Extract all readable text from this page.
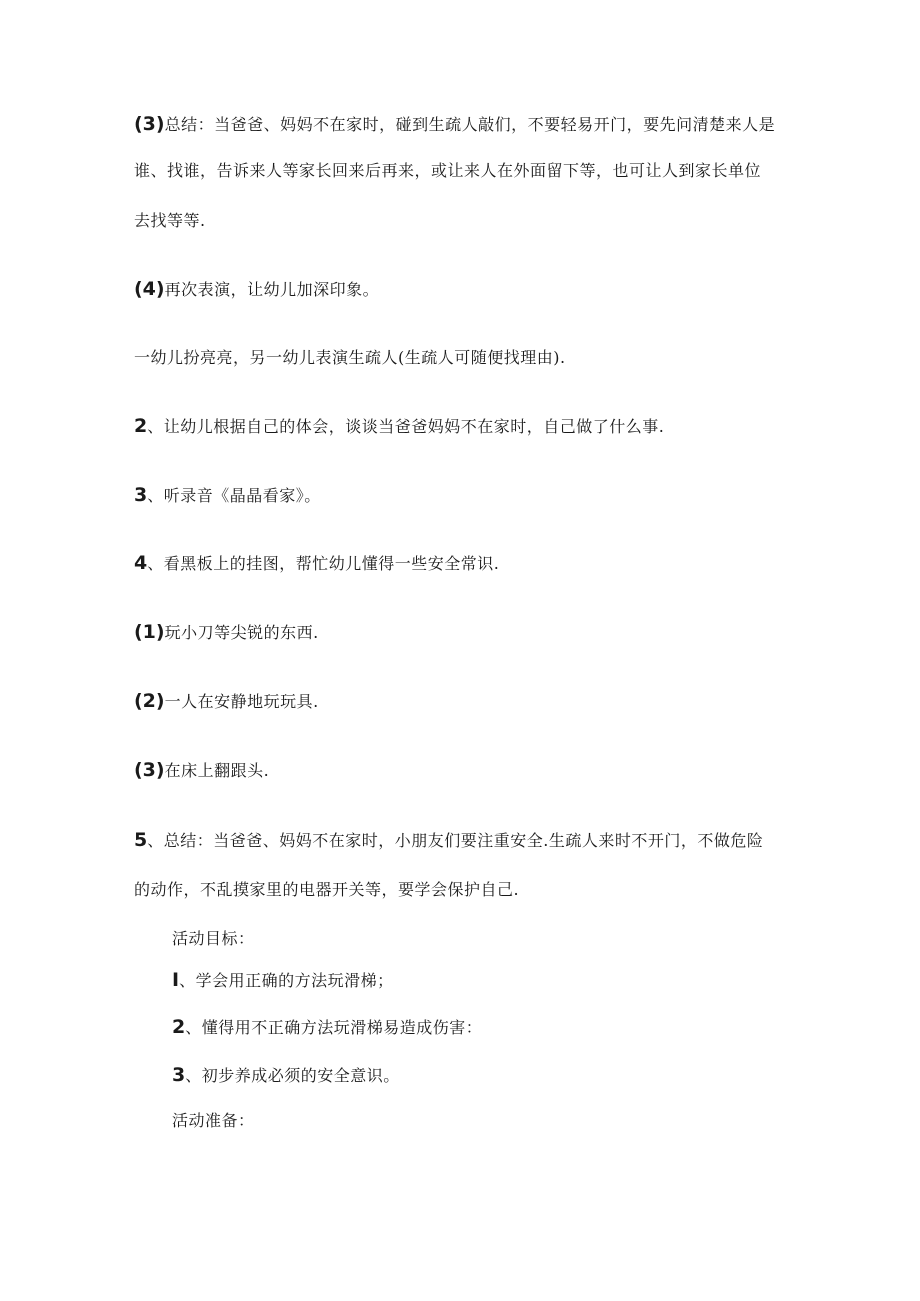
(3)总结：当爸爸、妈妈不在家时，碰到生疏人敲们，不要轻易开门，要先问清楚来人是
谁、找谁，告诉来人等家长回来后再来，或让来人在外面留下等，也可让人到家长单位
去找等等.
(4)再次表演，让幼儿加深印象。
一幼儿扮亮亮，另一幼儿表演生疏人(生疏人可随便找理由).
2、让幼儿根据自己的体会，谈谈当爸爸妈妈不在家时，自己做了什么事.
3、听录音《晶晶看家》。
4、看黑板上的挂图，帮忙幼儿懂得一些安全常识.
(1)玩小刀等尖锐的东西.
(2)一人在安静地玩玩具.
(3)在床上翻跟头.
5、总结：当爸爸、妈妈不在家时，小朋友们要注重安全.生疏人来时不开门，不做危险
的动作，不乱摸家里的电器开关等，要学会保护自己.
活动目标：
I、学会用正确的方法玩滑梯；
2、懂得用不正确方法玩滑梯易造成伤害：
3、初步养成必须的安全意识。
活动准备：
